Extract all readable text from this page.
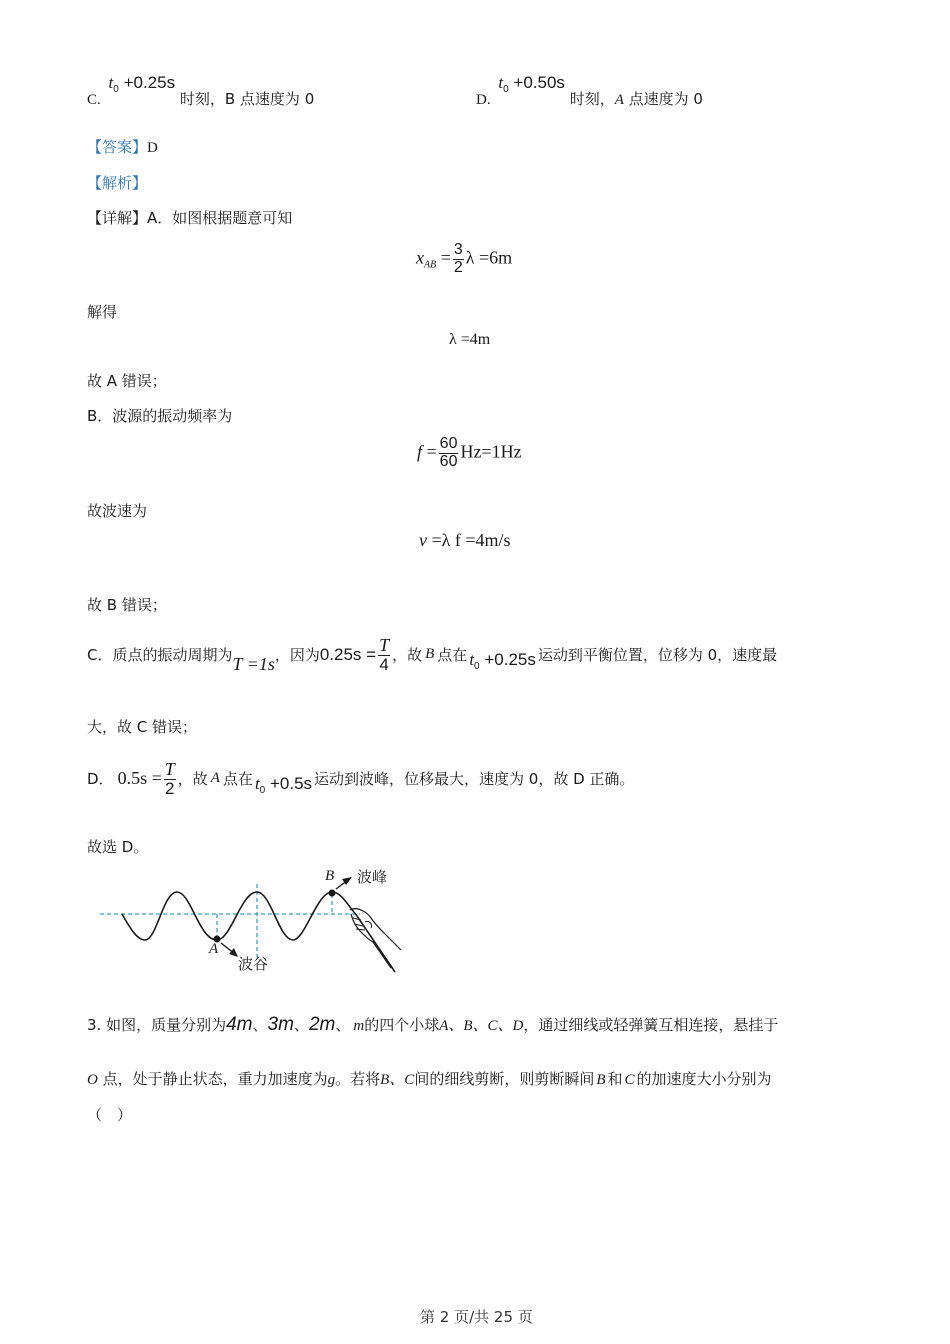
C. $t_0 +0.25s$ 时刻，B 点速度为 0	D. $t_0 +0.50s$ 时刻，A 点速度为 0
【答案】D
【解析】
【详解】A．如图根据题意可知
$x_{AB} = \frac{3}{2}$ λ =6m
解得
λ =4m
故 A 错误；
B．波源的振动频率为
$f = \frac{60}{60} Hz=1Hz$
故波速为
v =λ f =4m/s
故 B 错误；
C．质点的振动周期为 T =1s ，因为 $0.25s = \frac{T}{4}$ ，故 B 点在 $t_0 +0.25s$ 运动到平衡位置，位移为 0，速度最
大，故 C 错误；
D． $0.5s = \frac{T}{2}$ ，故 A 点在 $t_0 +0.5s$ 运动到波峰，位移最大，速度为 0，故 D 正确。
故选 D。
B 波峰
A
波谷
3. 如图，质量分别为 4m 、 3m 、 2m 、 m 的四个小球 A、B、C、D ，通过细线或轻弹簧互相连接，悬挂于
O 点，处于静止状态，重力加速度为g。若将B、C间的细线剪断，则剪断瞬间 B 和 C 的加速度大小分别为
（　）
第 2 页/共 25 页
